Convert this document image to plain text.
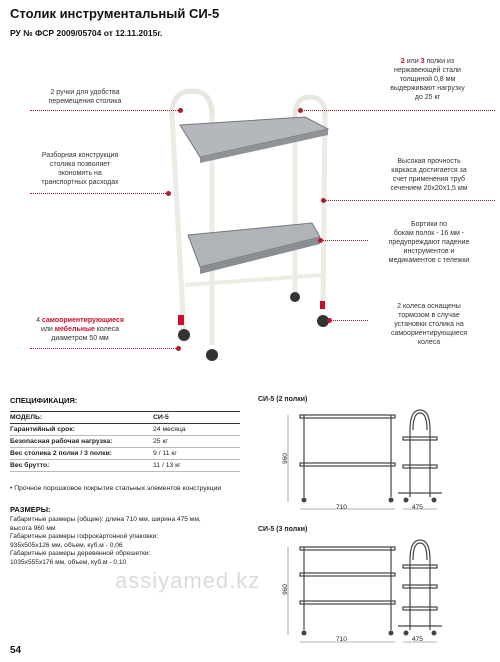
Столик инструментальный СИ-5
РУ № ФСР 2009/05704 от 12.11.2015г.
2 ручки для удобства
перемещения столика
Разборная конструкция
столика позволяет
экономить на
транспортных расходах
4 самоориентирующиеся
или мебельные колеса
диаметром 50 мм
2 или 3 полки из
нержавеющей стали
толщиной 0,8 мм
выдерживают нагрузку
до 25 кг
Высокая прочность
каркаса достигается за
счет применения труб
сечением 20х20х1,5 мм
Бортики по
бокам полок - 16 мм -
предупреждают падение
инструментов и
медикаментов с тележки
2 колеса оснащены
тормозом в случае
установки столика на
самоориентирующиеся
колеса
СПЕЦИФИКАЦИЯ:
МОДЕЛЬ:	СИ-5
Гарантийный срок:	24 месяца
Безопасная рабочая нагрузка:	25 кг
Вес столика 2 полки / 3 полки:	9 / 11 кг
Вес брутто:	11 / 13 кг
• Прочное порошковое покрытие стальных элементов конструкции
РАЗМЕРЫ:
Габаритные размеры (общие): длина 710 мм, ширина 475 мм,
высота 960 мм
Габаритные размеры гофрокартонной упаковки:
935х505х126 мм, объем, куб.м - 0,06
Габаритные размеры деревянной обрешетки:
1035х555х176 мм, объем, куб.м - 0,10
СИ-5 (2 полки)
960
710	475
СИ-5 (3 полки)
960
710	475
assiyamed.kz
54
